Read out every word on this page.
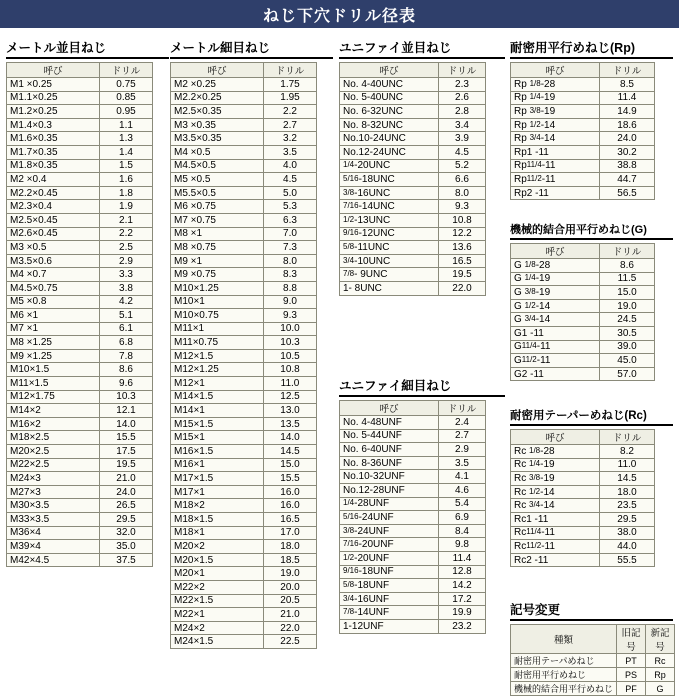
ねじ下穴ドリル径表
メートル並目ねじ
呼び	ドリル
M1 ×0.25	0.75
M1.1×0.25	0.85
M1.2×0.25	0.95
M1.4×0.3	1.1
M1.6×0.35	1.3
M1.7×0.35	1.4
M1.8×0.35	1.5
M2 ×0.4	1.6
M2.2×0.45	1.8
M2.3×0.4	1.9
M2.5×0.45	2.1
M2.6×0.45	2.2
M3 ×0.5	2.5
M3.5×0.6	2.9
M4 ×0.7	3.3
M4.5×0.75	3.8
M5 ×0.8	4.2
M6 ×1	5.1
M7 ×1	6.1
M8 ×1.25	6.8
M9 ×1.25	7.8
M10×1.5	8.6
M11×1.5	9.6
M12×1.75	10.3
M14×2	12.1
M16×2	14.0
M18×2.5	15.5
M20×2.5	17.5
M22×2.5	19.5
M24×3	21.0
M27×3	24.0
M30×3.5	26.5
M33×3.5	29.5
M36×4	32.0
M39×4	35.0
M42×4.5	37.5
メートル細目ねじ
呼び	ドリル
M2 ×0.25	1.75
M2.2×0.25	1.95
M2.5×0.35	2.2
M3 ×0.35	2.7
M3.5×0.35	3.2
M4 ×0.5	3.5
M4.5×0.5	4.0
M5 ×0.5	4.5
M5.5×0.5	5.0
M6 ×0.75	5.3
M7 ×0.75	6.3
M8 ×1	7.0
M8 ×0.75	7.3
M9 ×1	8.0
M9 ×0.75	8.3
M10×1.25	8.8
M10×1	9.0
M10×0.75	9.3
M11×1	10.0
M11×0.75	10.3
M12×1.5	10.5
M12×1.25	10.8
M12×1	11.0
M14×1.5	12.5
M14×1	13.0
M15×1.5	13.5
M15×1	14.0
M16×1.5	14.5
M16×1	15.0
M17×1.5	15.5
M17×1	16.0
M18×2	16.0
M18×1.5	16.5
M18×1	17.0
M20×2	18.0
M20×1.5	18.5
M20×1	19.0
M22×2	20.0
M22×1.5	20.5
M22×1	21.0
M24×2	22.0
M24×1.5	22.5
ユニファイ並目ねじ
呼び	ドリル
No. 4-40UNC	2.3
No. 5-40UNC	2.6
No. 6-32UNC	2.8
No. 8-32UNC	3.4
No.10-24UNC	3.9
No.12-24UNC	4.5
1/4-20UNC	5.2
5/16-18UNC	6.6
3/8-16UNC	8.0
7/16-14UNC	9.3
1/2-13UNC	10.8
9/16-12UNC	12.2
5/8-11UNC	13.6
3/4-10UNC	16.5
7/8- 9UNC	19.5
1- 8UNC	22.0
ユニファイ細目ねじ
呼び	ドリル
No. 4-48UNF	2.4
No. 5-44UNF	2.7
No. 6-40UNF	2.9
No. 8-36UNF	3.5
No.10-32UNF	4.1
No.12-28UNF	4.6
1/4-28UNF	5.4
5/16-24UNF	6.9
3/8-24UNF	8.4
7/16-20UNF	9.8
1/2-20UNF	11.4
9/16-18UNF	12.8
5/8-18UNF	14.2
3/4-16UNF	17.2
7/8-14UNF	19.9
1-12UNF	23.2
耐密用平行めねじ(Rp)
呼び	ドリル
Rp 1/8-28	8.5
Rp 1/4-19	11.4
Rp 3/8-19	14.9
Rp 1/2-14	18.6
Rp 3/4-14	24.0
Rp1 -11	30.2
Rp11/4-11	38.8
Rp11/2-11	44.7
Rp2 -11	56.5
機械的結合用平行めねじ(G)
呼び	ドリル
G 1/8-28	8.6
G 1/4-19	11.5
G 3/8-19	15.0
G 1/2-14	19.0
G 3/4-14	24.5
G1 -11	30.5
G11/4-11	39.0
G11/2-11	45.0
G2 -11	57.0
耐密用テーパーめねじ(Rc)
呼び	ドリル
Rc 1/8-28	8.2
Rc 1/4-19	11.0
Rc 3/8-19	14.5
Rc 1/2-14	18.0
Rc 3/4-14	23.5
Rc1 -11	29.5
Rc11/4-11	38.0
Rc11/2-11	44.0
Rc2 -11	55.5
記号変更
種類	旧記号	新記号
耐密用テーパめねじ	PT	Rc
耐密用平行めねじ	PS	Rp
機械的結合用平行めねじ	PF	G
